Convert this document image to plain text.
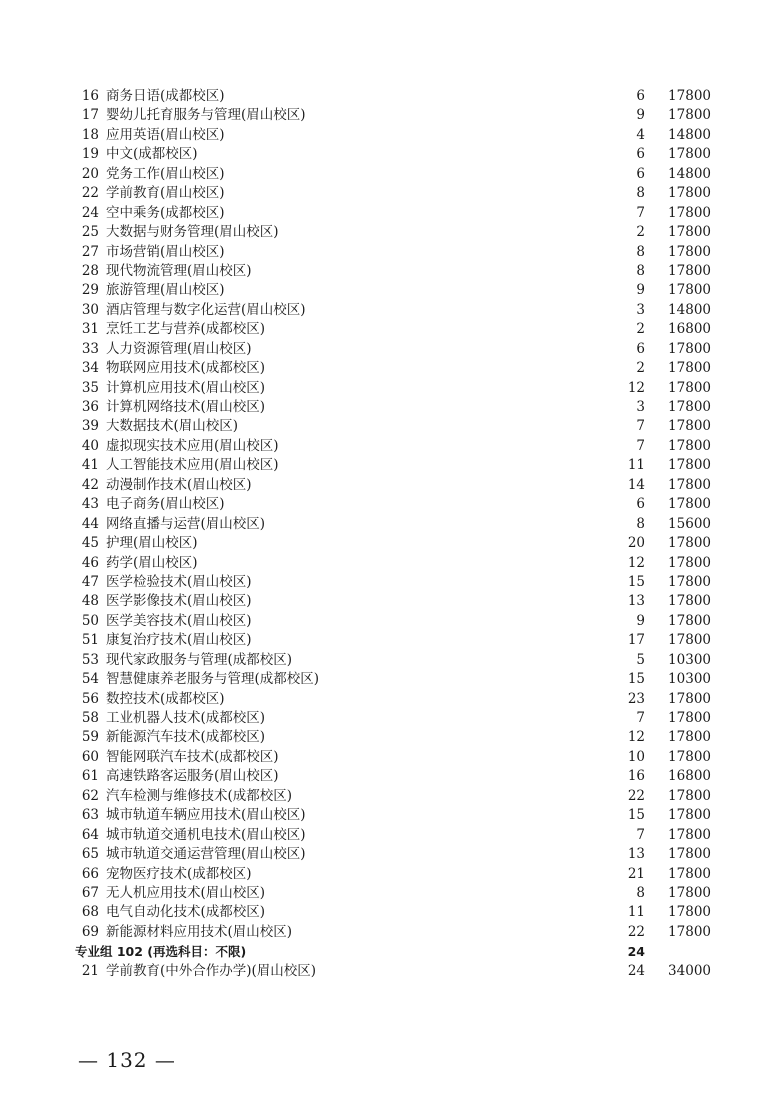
16 商务日语(成都校区)	6	17800
17 婴幼儿托育服务与管理(眉山校区)	9	17800
18 应用英语(眉山校区)	4	14800
19 中文(成都校区)	6	17800
20 党务工作(眉山校区)	6	14800
22 学前教育(眉山校区)	8	17800
24 空中乘务(成都校区)	7	17800
25 大数据与财务管理(眉山校区)	2	17800
27 市场营销(眉山校区)	8	17800
28 现代物流管理(眉山校区)	8	17800
29 旅游管理(眉山校区)	9	17800
30 酒店管理与数字化运营(眉山校区)	3	14800
31 烹饪工艺与营养(成都校区)	2	16800
33 人力资源管理(眉山校区)	6	17800
34 物联网应用技术(成都校区)	2	17800
35 计算机应用技术(眉山校区)	12	17800
36 计算机网络技术(眉山校区)	3	17800
39 大数据技术(眉山校区)	7	17800
40 虚拟现实技术应用(眉山校区)	7	17800
41 人工智能技术应用(眉山校区)	11	17800
42 动漫制作技术(眉山校区)	14	17800
43 电子商务(眉山校区)	6	17800
44 网络直播与运营(眉山校区)	8	15600
45 护理(眉山校区)	20	17800
46 药学(眉山校区)	12	17800
47 医学检验技术(眉山校区)	15	17800
48 医学影像技术(眉山校区)	13	17800
50 医学美容技术(眉山校区)	9	17800
51 康复治疗技术(眉山校区)	17	17800
53 现代家政服务与管理(成都校区)	5	10300
54 智慧健康养老服务与管理(成都校区)	15	10300
56 数控技术(成都校区)	23	17800
58 工业机器人技术(成都校区)	7	17800
59 新能源汽车技术(成都校区)	12	17800
60 智能网联汽车技术(成都校区)	10	17800
61 高速铁路客运服务(眉山校区)	16	16800
62 汽车检测与维修技术(成都校区)	22	17800
63 城市轨道车辆应用技术(眉山校区)	15	17800
64 城市轨道交通机电技术(眉山校区)	7	17800
65 城市轨道交通运营管理(眉山校区)	13	17800
66 宠物医疗技术(成都校区)	21	17800
67 无人机应用技术(眉山校区)	8	17800
68 电气自动化技术(成都校区)	11	17800
69 新能源材料应用技术(眉山校区)	22	17800
专业组 102 (再选科目：不限)	24
21 学前教育(中外合作办学)(眉山校区)	24	34000
— 132 —
